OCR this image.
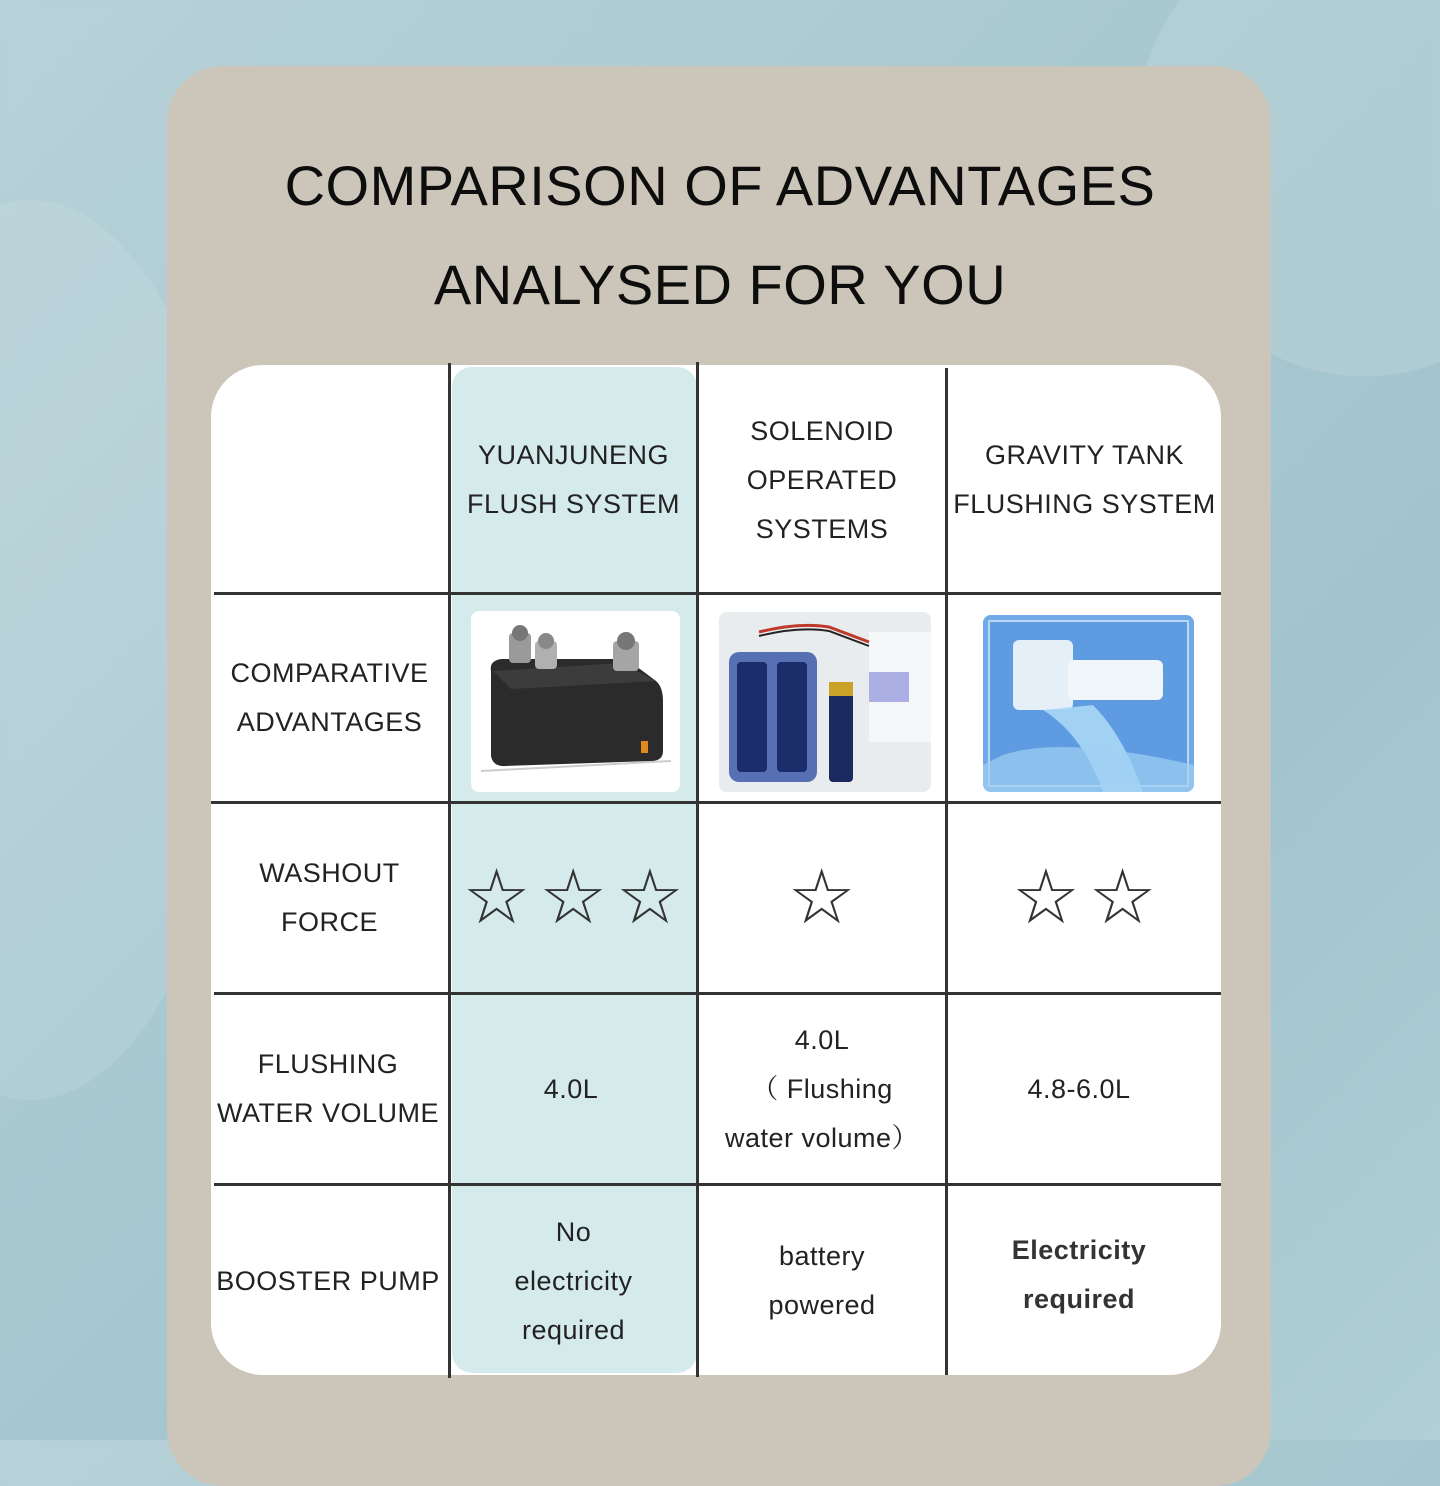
COMPARISON OF ADVANTAGES
ANALYSED FOR YOU
YUANJUNENG
FLUSH SYSTEM
SOLENOID
OPERATED
SYSTEMS
GRAVITY TANK
FLUSHING SYSTEM
COMPARATIVE
ADVANTAGES
WASHOUT
FORCE ☆ ☆ ☆ ☆ ☆ ☆
FLUSHING
WATER VOLUME
4.0L
4.0L
（ Flushing
water volume）
4.8-6.0L
BOOSTER PUMP
No
electricity
required
battery
powered
Electricity
required
